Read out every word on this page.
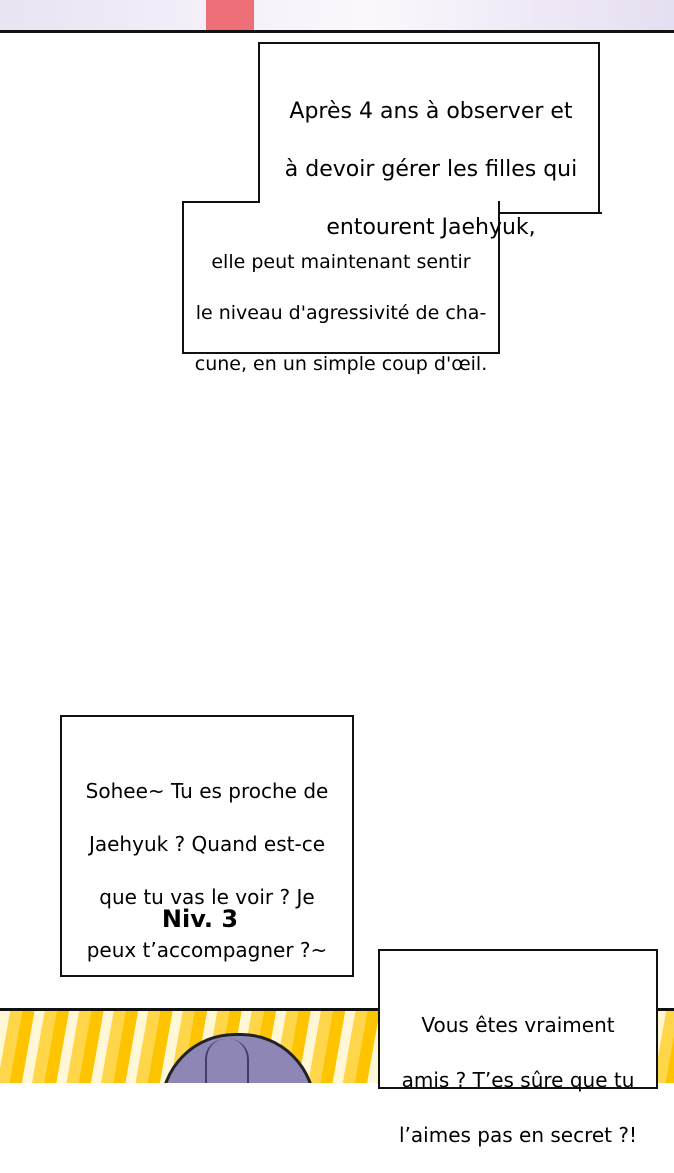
Après 4 ans à observer et

à devoir gérer les filles qui

entourent Jaehyuk,

elle peut maintenant sentir

le niveau d'agressivité de cha-

cune, en un simple coup d'œil.

Sohee~ Tu es proche de

Jaehyuk ? Quand est-ce

que tu vas le voir ? Je

peux t’accompagner ?~

Niv. 3

Vous êtes vraiment

amis ? T’es sûre que tu

l’aimes pas en secret ?!
